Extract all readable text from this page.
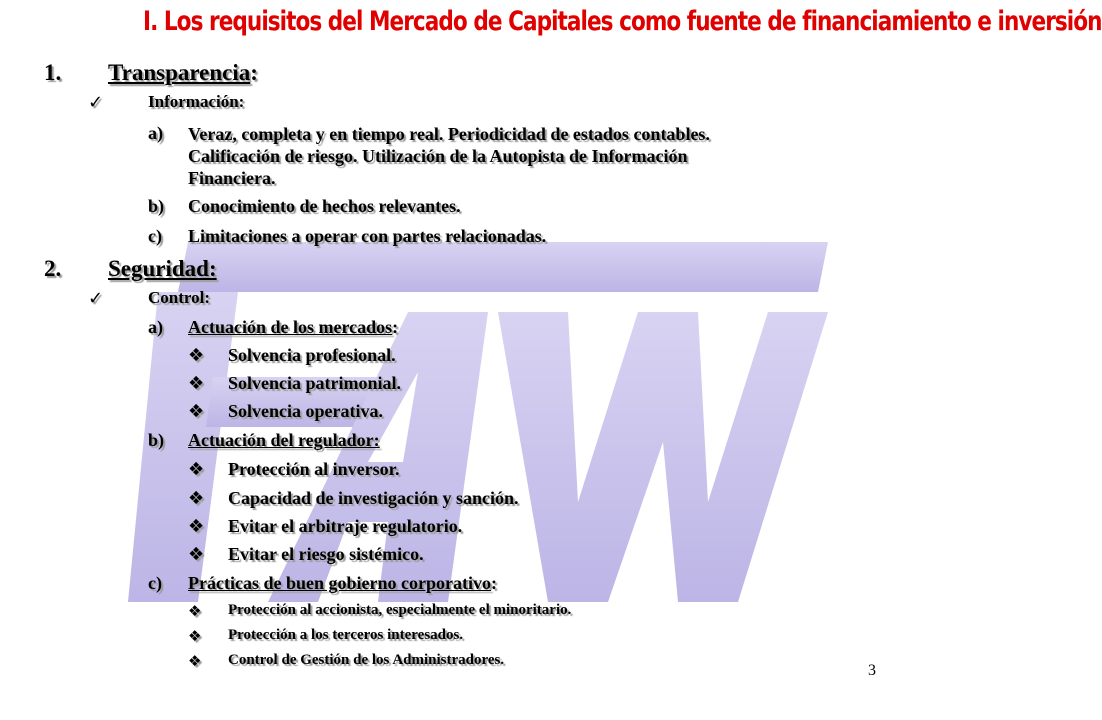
I. Los requisitos del Mercado de Capitales como fuente de financiamiento e inversión
1. Transparencia:
✓	Información:
a) Veraz, completa y en tiempo real. Periodicidad de estados contables.
Calificación de riesgo. Utilización de la Autopista de Información
Financiera.
b) Conocimiento de hechos relevantes.
c) Limitaciones a operar con partes relacionadas.
2. Seguridad:
✓	Control:
a) Actuación de los mercados:
❖ Solvencia profesional.
❖ Solvencia patrimonial.
❖ Solvencia operativa.
b) Actuación del regulador:
❖ Protección al inversor.
❖ Capacidad de investigación y sanción.
❖ Evitar el arbitraje regulatorio.
❖ Evitar el riesgo sistémico.
c) Prácticas de buen gobierno corporativo:
❖ Protección al accionista, especialmente el minoritario.
❖ Protección a los terceros interesados.
❖ Control de Gestión de los Administradores.
3
